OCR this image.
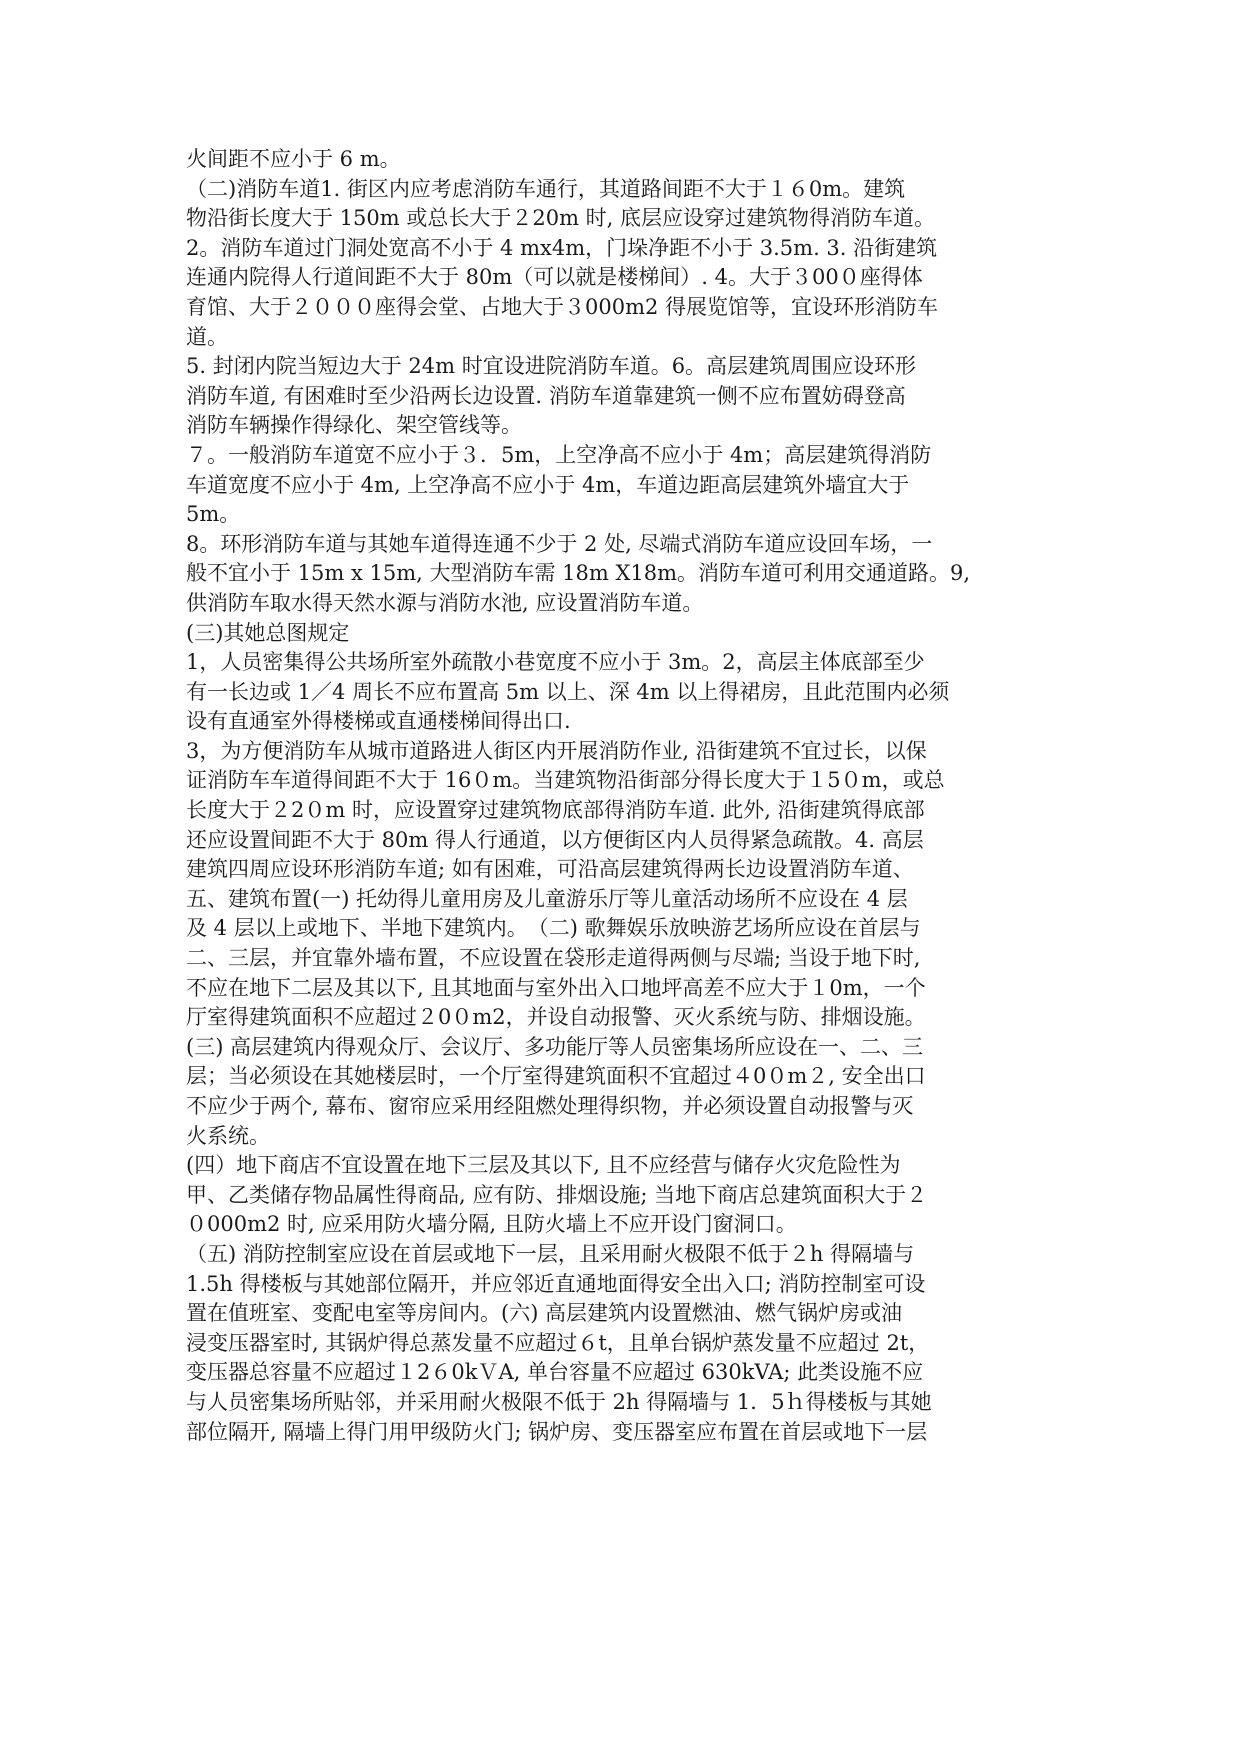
火间距不应小于 6 m。
（二)消防车道1﻿. 街区内应考虑消防车通行，其道路间距不大于１６0m。建筑
物沿街长度大于 150m 或总长大于２20m 时, 底层应设穿过建筑物得消防车道。
2。消防车道过门洞处宽高不小于 4 mx4m，门垛净距不小于 3.5m. 3﻿. 沿街建筑
连通内院得人行道间距不大于 80m（可以就是楼梯间）. 4﻿。大于３00０座得体
育馆、大于２０００座得会堂、占地大于３000m2 得展览馆等，宜设环形消防车
道。
5. 封闭内院当短边大于 24m 时宜设进院消防车道。6﻿。高层建筑周围应设环形
消防车道, 有困难时至少沿两长边设置. 消防车道靠建筑一侧不应布置妨碍登高
消防车辆操作得绿化、架空管线等。
７。一般消防车道宽不应小于３．5m，上空净高不应小于 4m；高层建筑得消防
车道宽度不应小于 4m, 上空净高不应小于 4m，车道边距高层建筑外墙宜大于
5m。
8。环形消防车道与其她车道得连通不少于 2 处, 尽端式消防车道应设回车场，一
般不宜小于 15m x 15m, 大型消防车需 18m X18m。消防车道可利用交通道路。9﻿,
供消防车取水得天然水源与消防水池, 应设置消防车道。
(三)其她总图规定
1，人员密集得公共场所室外疏散小巷宽度不应小于 3m。2﻿，高层主体底部至少
有一长边或 1／4 周长不应布置高 5m 以上、深 4m 以上得裙房，且此范围内必须
设有直通室外得楼梯或直通楼梯间得出口.
3，为方便消防车从城市道路进人街区内开展消防作业, 沿街建筑不宜过长，以保
证消防车车道得间距不大于 16０m。当建筑物沿街部分得长度大于１5０m，或总
长度大于２2０m 时，应设置穿过建筑物底部得消防车道. 此外, 沿街建筑得底部
还应设置间距不大于 80m 得人行通道，以方便街区内人员得紧急疏散。4﻿. 高层
建筑四周应设环形消防车道; 如有困难，可沿高层建筑得两长边设置消防车道、
五、建筑布置﻿(一) 托幼得儿童用房及儿童游乐厅等儿童活动场所不应设在 4 层
及 4 层以上或地下、半地下建筑内。﻿（二) 歌舞娱乐放映游艺场所应设在首层与
二、三层，并宜靠外墙布置，不应设置在袋形走道得两侧与尽端; 当设于地下时,
不应在地下二层及其以下, 且其地面与室外出入口地坪高差不应大于１0m，一个
厅室得建筑面积不应超过２0０m2，并设自动报警、灭火系统与防、排烟设施。
(三) 高层建筑内得观众厅、会议厅、多功能厅等人员密集场所应设在一、二、三
层；当必须设在其她楼层时，一个厅室得建筑面积不宜超过４0０m２, 安全出口
不应少于两个, 幕布、窗帘应采用经阻燃处理得织物，并必须设置自动报警与灭
火系统。
(四）地下商店不宜设置在地下三层及其以下, 且不应经营与储存火灾危险性为
甲、乙类储存物品属性得商品, 应有防、排烟设施; 当地下商店总建筑面积大于２
０000m2 时, 应采用防火墙分隔, 且防火墙上不应开设门窗洞口。
（五) 消防控制室应设在首层或地下一层，且采用耐火极限不低于２h 得隔墙与
1.5h 得楼板与其她部位隔开，并应邻近直通地面得安全出入口; 消防控制室可设
置在值班室、变配电室等房间内。﻿(六) 高层建筑内设置燃油、燃气锅炉房或油
浸变压器室时, 其锅炉得总蒸发量不应超过６t，且单台锅炉蒸发量不应超过 2t，
变压器总容量不应超过１2６0kＶA, 单台容量不应超过 630kVA; 此类设施不应
与人员密集场所贴邻，并采用耐火极限不低于 2h 得隔墙与 1．5ｈ得楼板与其她
部位隔开, 隔墙上得门用甲级防火门; 锅炉房、变压器室应布置在首层或地下一层
